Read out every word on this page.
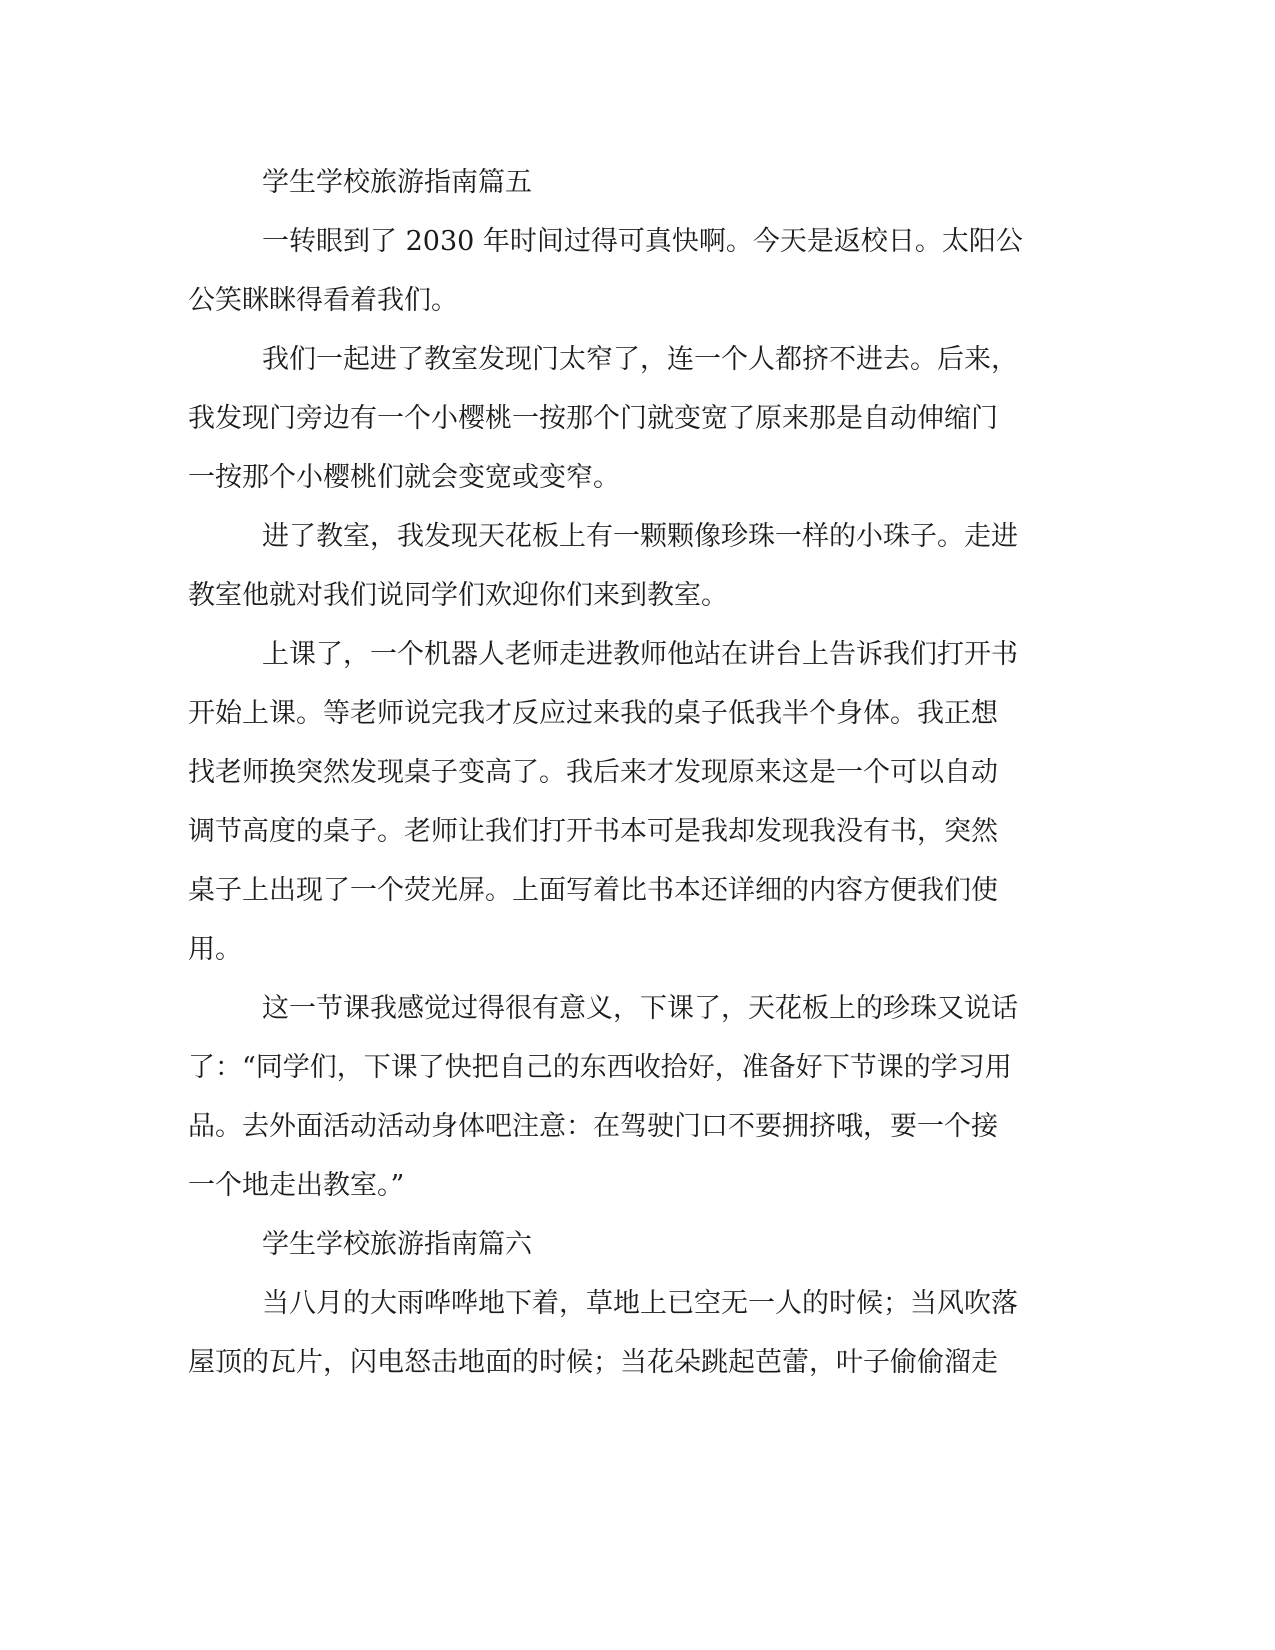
学生学校旅游指南篇五

一转眼到了 2030 年时间过得可真快啊。今天是返校日。太阳公

公笑眯眯得看着我们。

我们一起进了教室发现门太窄了，连一个人都挤不进去。后来，

我发现门旁边有一个小樱桃一按那个门就变宽了原来那是自动伸缩门

一按那个小樱桃们就会变宽或变窄。

进了教室，我发现天花板上有一颗颗像珍珠一样的小珠子。走进

教室他就对我们说同学们欢迎你们来到教室。

上课了，一个机器人老师走进教师他站在讲台上告诉我们打开书

开始上课。等老师说完我才反应过来我的桌子低我半个身体。我正想

找老师换突然发现桌子变高了。我后来才发现原来这是一个可以自动

调节高度的桌子。老师让我们打开书本可是我却发现我没有书，突然

桌子上出现了一个荧光屏。上面写着比书本还详细的内容方便我们使

用。

这一节课我感觉过得很有意义，下课了，天花板上的珍珠又说话

了：“同学们，下课了快把自己的东西收拾好，准备好下节课的学习用

品。去外面活动活动身体吧注意：在驾驶门口不要拥挤哦，要一个接

一个地走出教室。”

学生学校旅游指南篇六

当八月的大雨哗哗地下着，草地上已空无一人的时候；当风吹落

屋顶的瓦片，闪电怒击地面的时候；当花朵跳起芭蕾，叶子偷偷溜走
